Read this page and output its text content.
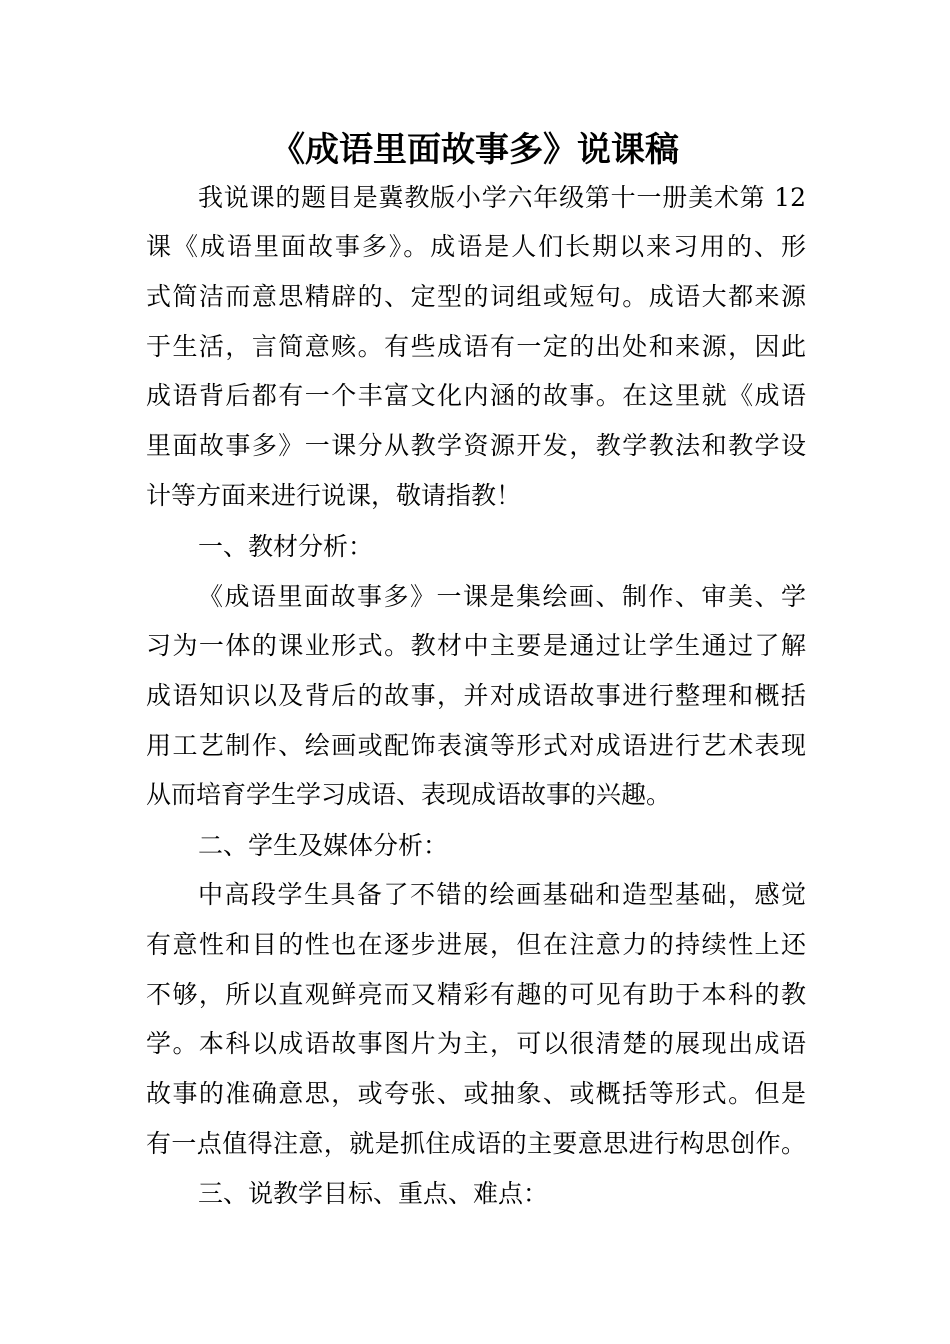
《成语里面故事多》说课稿
我说课的题目是冀教版小学六年级第十一册美术第 12
课《成语里面故事多》。成语是人们长期以来习用的、形
式简洁而意思精辟的、定型的词组或短句。成语大都来源
于生活，言简意赅。有些成语有一定的出处和来源，因此
成语背后都有一个丰富文化内涵的故事。在这里就《成语
里面故事多》一课分从教学资源开发，教学教法和教学设
计等方面来进行说课，敬请指教！
一、教材分析：
《成语里面故事多》一课是集绘画、制作、审美、学
习为一体的课业形式。教材中主要是通过让学生通过了解
成语知识以及背后的故事，并对成语故事进行整理和概括
用工艺制作、绘画或配饰表演等形式对成语进行艺术表现
从而培育学生学习成语、表现成语故事的兴趣。
二、学生及媒体分析：
中高段学生具备了不错的绘画基础和造型基础，感觉
有意性和目的性也在逐步进展，但在注意力的持续性上还
不够，所以直观鲜亮而又精彩有趣的可见有助于本科的教
学。本科以成语故事图片为主，可以很清楚的展现出成语
故事的准确意思，或夸张、或抽象、或概括等形式。但是
有一点值得注意，就是抓住成语的主要意思进行构思创作。
三、说教学目标、重点、难点：
